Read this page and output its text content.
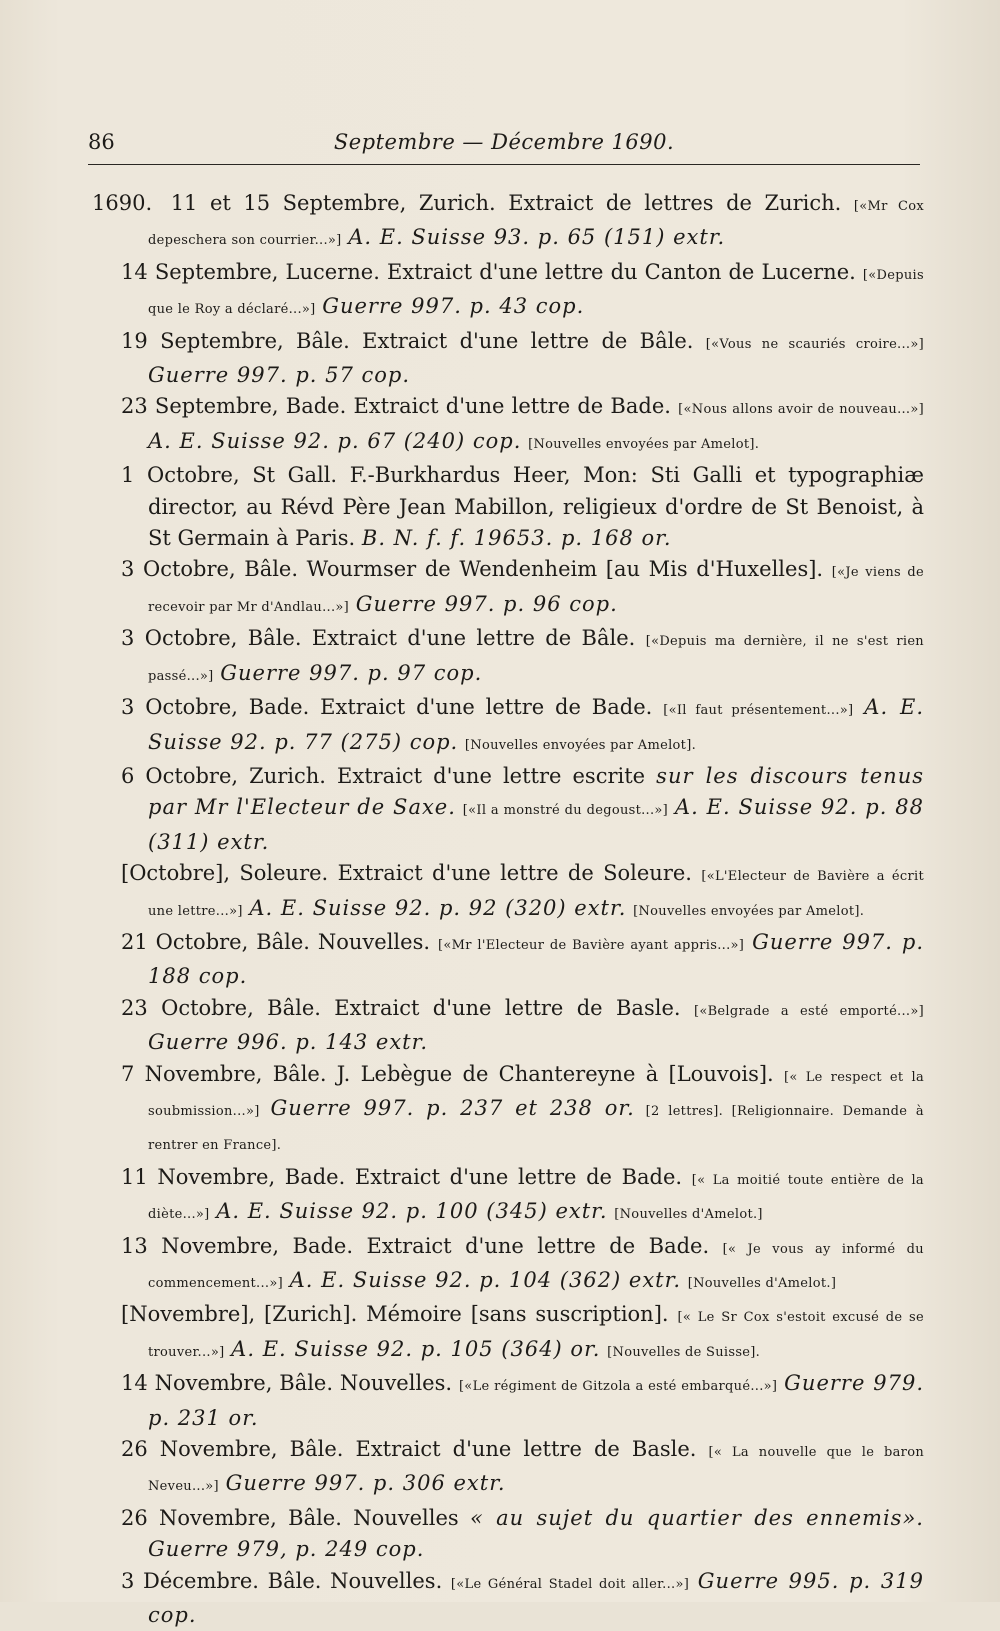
86	Septembre — Décembre 1690.

1690. 11 et 15 Septembre, Zurich. Extraict de lettres de Zurich. [«Mr Cox depeschera son courrier...»] A. E. Suisse 93. p. 65 (151) extr.

14 Septembre, Lucerne. Extraict d'une lettre du Canton de Lucerne. [«Depuis que le Roy a déclaré...»] Guerre 997. p. 43 cop.

19 Septembre, Bâle. Extraict d'une lettre de Bâle. [«Vous ne scauriés croire...»] Guerre 997. p. 57 cop.

23 Septembre, Bade. Extraict d'une lettre de Bade. [«Nous allons avoir de nouveau...»] A. E. Suisse 92. p. 67 (240) cop. [Nouvelles envoyées par Amelot].

1 Octobre, St Gall. F.-Burkhardus Heer, Mon: Sti Galli et typographiæ director, au Révd Père Jean Mabillon, religieux d'ordre de St Benoist, à St Germain à Paris. B. N. f. f. 19653. p. 168 or.

3 Octobre, Bâle. Wourmser de Wendenheim [au Mis d'Huxelles]. [«Je viens de recevoir par Mr d'Andlau...»] Guerre 997. p. 96 cop.

3 Octobre, Bâle. Extraict d'une lettre de Bâle. [«Depuis ma dernière, il ne s'est rien passé...»] Guerre 997. p. 97 cop.

3 Octobre, Bade. Extraict d'une lettre de Bade. [«Il faut présentement...»] A. E. Suisse 92. p. 77 (275) cop. [Nouvelles envoyées par Amelot].

6 Octobre, Zurich. Extraict d'une lettre escrite sur les discours tenus par Mr l'Electeur de Saxe. [«Il a monstré du degoust...»] A. E. Suisse 92. p. 88 (311) extr.

[Octobre], Soleure. Extraict d'une lettre de Soleure. [«L'Electeur de Bavière a écrit une lettre...»] A. E. Suisse 92. p. 92 (320) extr. [Nouvelles envoyées par Amelot].

21 Octobre, Bâle. Nouvelles. [«Mr l'Electeur de Bavière ayant appris...»] Guerre 997. p. 188 cop.

23 Octobre, Bâle. Extraict d'une lettre de Basle. [«Belgrade a esté emporté...»] Guerre 996. p. 143 extr.

7 Novembre, Bâle. J. Lebègue de Chantereyne à [Louvois]. [« Le respect et la soubmission...»] Guerre 997. p. 237 et 238 or. [2 lettres]. [Religionnaire. Demande à rentrer en France].

11 Novembre, Bade. Extraict d'une lettre de Bade. [« La moitié toute entière de la diète...»] A. E. Suisse 92. p. 100 (345) extr. [Nouvelles d'Amelot.]

13 Novembre, Bade. Extraict d'une lettre de Bade. [« Je vous ay informé du commencement...»] A. E. Suisse 92. p. 104 (362) extr. [Nouvelles d'Amelot.]

[Novembre], [Zurich]. Mémoire [sans suscription]. [« Le Sr Cox s'estoit excusé de se trouver...»] A. E. Suisse 92. p. 105 (364) or. [Nouvelles de Suisse].

14 Novembre, Bâle. Nouvelles. [«Le régiment de Gitzola a esté embarqué...»] Guerre 979. p. 231 or.

26 Novembre, Bâle. Extraict d'une lettre de Basle. [« La nouvelle que le baron Neveu...»] Guerre 997. p. 306 extr.

26 Novembre, Bâle. Nouvelles « au sujet du quartier des ennemis». Guerre 979, p. 249 cop.

3 Décembre. Bâle. Nouvelles. [«Le Général Stadel doit aller...»] Guerre 995. p. 319 cop.
